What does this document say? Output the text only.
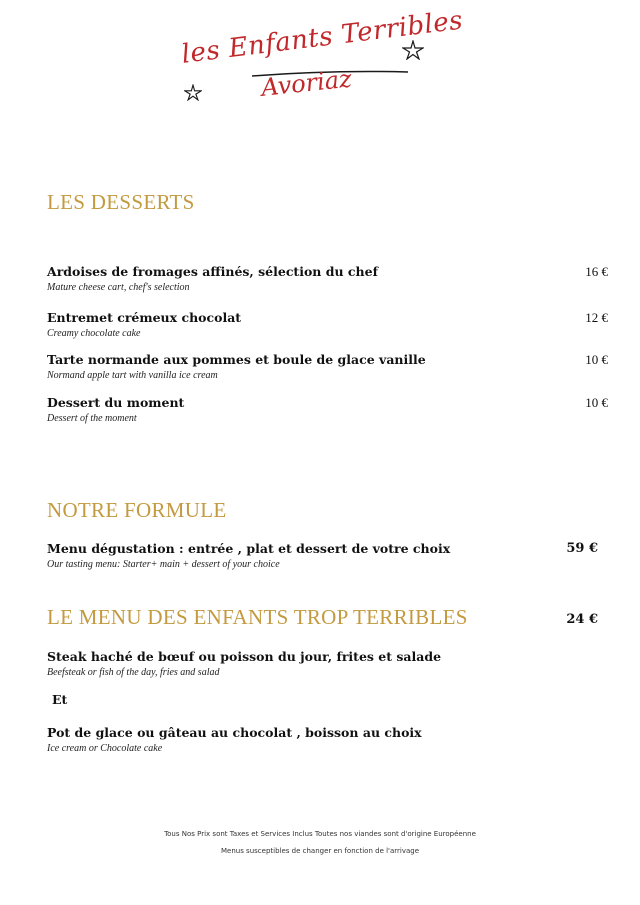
les Enfants Terribles
Avoriaz
LES DESSERTS
Ardoises de fromages affinés, sélection du chef
Mature cheese cart, chef's selection
16 €
Entremet crémeux chocolat
Creamy chocolate cake
12 €
Tarte normande aux pommes et boule de glace vanille
Normand apple tart with vanilla ice cream
10 €
Dessert du moment
Dessert of the moment
10 €
NOTRE FORMULE
Menu dégustation : entrée , plat et dessert de votre choix
Our tasting menu: Starter+ main + dessert of your choice
59 €
LE MENU DES ENFANTS TROP TERRIBLES	24 €
Steak haché de bœuf ou poisson du jour, frites et salade
Beefsteak or fish of the day, fries and salad
Et
Pot de glace ou gâteau au chocolat , boisson au choix
Ice cream or Chocolate cake
Tous Nos Prix sont Taxes et Services Inclus Toutes nos viandes sont d'origine Européenne
Menus susceptibles de changer en fonction de l'arrivage
